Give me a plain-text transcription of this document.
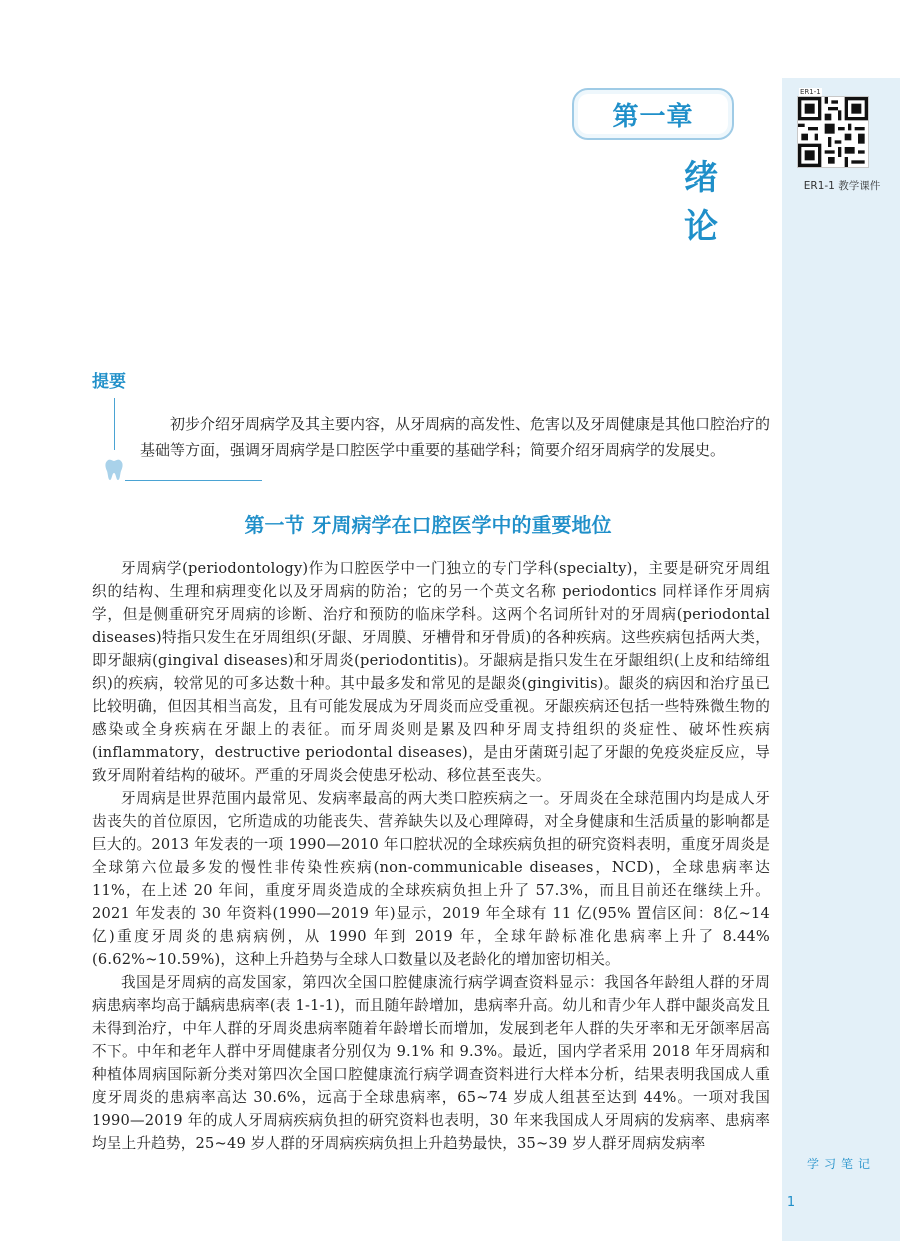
ER1-1
ER1-1 教学课件
第一章
绪 论
提要

初步介绍牙周病学及其主要内容，从牙周病的高发性、危害以及牙周健康是其他口腔治疗的基础等方面，强调牙周病学是口腔医学中重要的基础学科；简要介绍牙周病学的发展史。

第一节 牙周病学在口腔医学中的重要地位

牙周病学(periodontology)作为口腔医学中一门独立的专门学科(specialty)，主要是研究牙周组织的结构、生理和病理变化以及牙周病的防治；它的另一个英文名称 periodontics 同样译作牙周病学，但是侧重研究牙周病的诊断、治疗和预防的临床学科。这两个名词所针对的牙周病(periodontal diseases)特指只发生在牙周组织(牙龈、牙周膜、牙槽骨和牙骨质)的各种疾病。这些疾病包括两大类，即牙龈病(gingival diseases)和牙周炎(periodontitis)。牙龈病是指只发生在牙龈组织(上皮和结缔组织)的疾病，较常见的可多达数十种。其中最多发和常见的是龈炎(gingivitis)。龈炎的病因和治疗虽已比较明确，但因其相当高发，且有可能发展成为牙周炎而应受重视。牙龈疾病还包括一些特殊微生物的感染或全身疾病在牙龈上的表征。而牙周炎则是累及四种牙周支持组织的炎症性、破坏性疾病(inflammatory，destructive periodontal diseases)，是由牙菌斑引起了牙龈的免疫炎症反应，导致牙周附着结构的破坏。严重的牙周炎会使患牙松动、移位甚至丧失。

牙周病是世界范围内最常见、发病率最高的两大类口腔疾病之一。牙周炎在全球范围内均是成人牙齿丧失的首位原因，它所造成的功能丧失、营养缺失以及心理障碍，对全身健康和生活质量的影响都是巨大的。2013 年发表的一项 1990—2010 年口腔状况的全球疾病负担的研究资料表明，重度牙周炎是全球第六位最多发的慢性非传染性疾病(non-communicable diseases，NCD)，全球患病率达 11%，在上述 20 年间，重度牙周炎造成的全球疾病负担上升了 57.3%，而且目前还在继续上升。2021 年发表的 30 年资料(1990—2019 年)显示，2019 年全球有 11 亿(95% 置信区间：8亿~14 亿)重度牙周炎的患病病例，从 1990 年到 2019 年，全球年龄标准化患病率上升了 8.44%(6.62%~10.59%)，这种上升趋势与全球人口数量以及老龄化的增加密切相关。

我国是牙周病的高发国家，第四次全国口腔健康流行病学调查资料显示：我国各年龄组人群的牙周病患病率均高于龋病患病率(表 1-1-1)，而且随年龄增加，患病率升高。幼儿和青少年人群中龈炎高发且未得到治疗，中年人群的牙周炎患病率随着年龄增长而增加，发展到老年人群的失牙率和无牙颌率居高不下。中年和老年人群中牙周健康者分别仅为 9.1% 和 9.3%。最近，国内学者采用 2018 年牙周病和种植体周病国际新分类对第四次全国口腔健康流行病学调查资料进行大样本分析，结果表明我国成人重度牙周炎的患病率高达 30.6%，远高于全球患病率，65~74 岁成人组甚至达到 44%。一项对我国 1990—2019 年的成人牙周病疾病负担的研究资料也表明，30 年来我国成人牙周病的发病率、患病率均呈上升趋势，25~49 岁人群的牙周病疾病负担上升趋势最快，35~39 岁人群牙周病发病率

学习笔记
1
